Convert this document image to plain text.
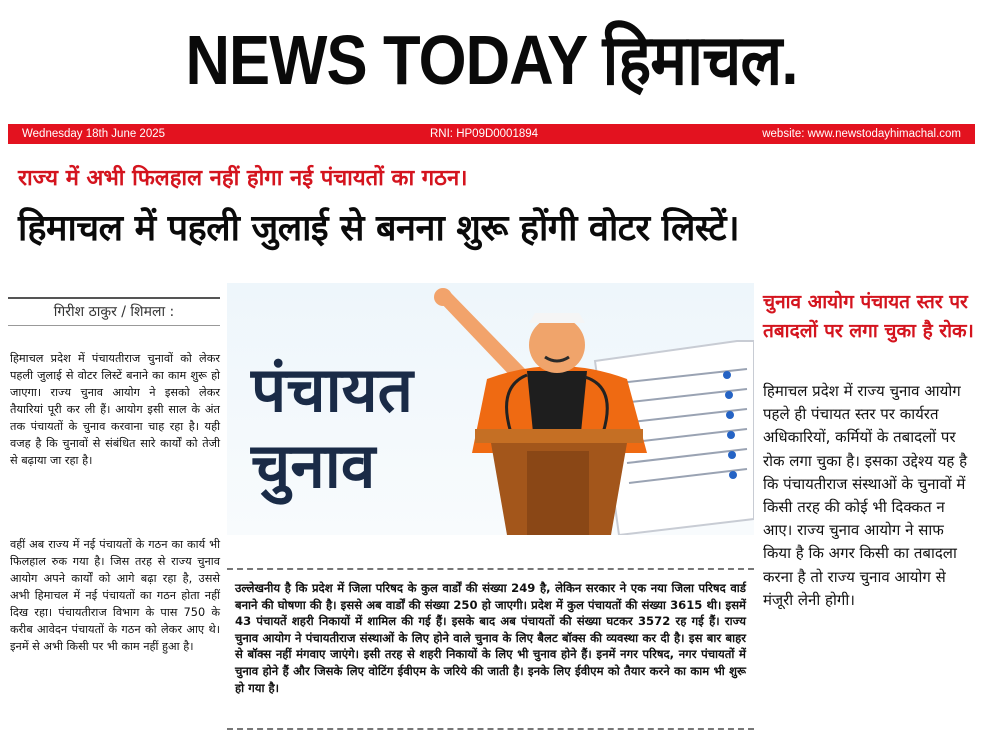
NEWS TODAY हिमाचल.
Wednesday 18th June 2025	RNI: HP09D0001894	website: www.newstodayhimachal.com
राज्य में अभी फिलहाल नहीं होगा नई पंचायतों का गठन।
हिमाचल में पहली जुलाई से बनना शुरू होंगी वोटर लिस्टें।
गिरीश ठाकुर / शिमला :
हिमाचल प्रदेश में पंचायतीराज चुनावों को लेकर पहली जुलाई से वोटर लिस्टें बनाने का काम शुरू हो जाएगा। राज्य चुनाव आयोग ने इसको लेकर तैयारियां पूरी कर ली हैं। आयोग इसी साल के अंत तक पंचायतों के चुनाव करवाना चाह रहा है। यही वजह है कि चुनावों से संबंधित सारे कार्यों को तेजी से बढ़ाया जा रहा है।
वहीं अब राज्य में नई पंचायतों के गठन का कार्य भी फिलहाल रुक गया है। जिस तरह से राज्य चुनाव आयोग अपने कार्यों को आगे बढ़ा रहा है, उससे अभी हिमाचल में नई पंचायतों का गठन होता नहीं दिख रहा। पंचायतीराज विभाग के पास 750 के करीब आवेदन पंचायतों के गठन को लेकर आए थे। इनमें से अभी किसी पर भी काम नहीं हुआ है।
पंचायत
चुनाव
उल्लेखनीय है कि प्रदेश में जिला परिषद के कुल वार्डों की संख्या 249 है, लेकिन सरकार ने एक नया जिला परिषद वार्ड बनाने की घोषणा की है। इससे अब वार्डों की संख्या 250 हो जाएगी। प्रदेश में कुल पंचायतों की संख्या 3615 थी। इसमें 43 पंचायतें शहरी निकायों में शामिल की गई हैं। इसके बाद अब पंचायतों की संख्या घटकर 3572 रह गई हैं। राज्य चुनाव आयोग ने पंचायतीराज संस्थाओं के लिए होने वाले चुनाव के लिए बैलट बॉक्स की व्यवस्था कर दी है। इस बार बाहर से बॉक्स नहीं मंगवाए जाएंगे। इसी तरह से शहरी निकायों के लिए भी चुनाव होने हैं। इनमें नगर परिषद, नगर पंचायतों में चुनाव होने हैं और जिसके लिए वोटिंग ईवीएम के जरिये की जाती है। इनके लिए ईवीएम को तैयार करने का काम भी शुरू हो गया है।
चुनाव आयोग पंचायत स्तर पर तबादलों पर लगा चुका है रोक।
हिमाचल प्रदेश में राज्य चुनाव आयोग पहले ही पंचायत स्तर पर कार्यरत अधिकारियों, कर्मियों के तबादलों पर रोक लगा चुका है। इसका उद्देश्य यह है कि पंचायतीराज संस्थाओं के चुनावों में किसी तरह की कोई भी दिक्कत न आए। राज्य चुनाव आयोग ने साफ किया है कि अगर किसी का तबादला करना है तो राज्य चुनाव आयोग से मंजूरी लेनी होगी।
